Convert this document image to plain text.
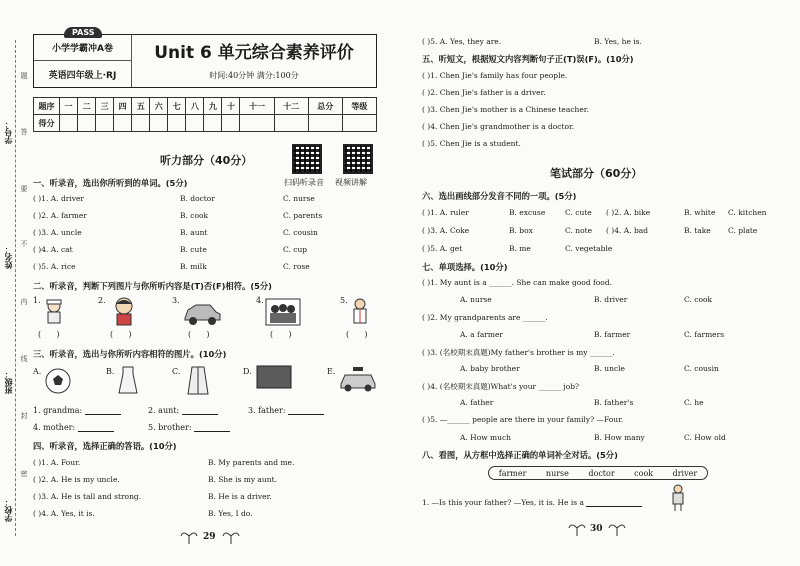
学号：
姓名：
班级：
学校：
题
答
要
不
内
线
封
密
PASS
小学学霸冲A卷
英语四年级上·RJ
Unit 6 单元综合素养评价
时间:40分钟 满分:100分
题序	一	二	三	四	五	六	七	八	九	十	十一	十二	总分	等级
得分														
听力部分（40分）
扫码听录音 视频讲解
一、听录音，选出你所听到的单词。(5分)
( )1. A. driver	B. doctor	C. nurse
( )2. A. farmer	B. cook	C. parents
( )3. A. uncle	B. aunt	C. cousin
( )4. A. cat	B. cute	C. cup
( )5. A. rice	B. milk	C. rose
二、听录音，判断下列图片与你所听内容是(T)否(F)相符。(5分)
1.	2.	3.	4.	5.
(      )	(      )	(      )	(      )	(      )
三、听录音，选出与你所听内容相符的图片。(10分)
A.	B.	C.	D.	E.
1. grandma:	2. aunt:	3. father:
4. mother:	5. brother:
四、听录音，选择正确的答语。(10分)
( )1. A. Four.	B. My parents and me.
( )2. A. He is my uncle.	B. She is my aunt.
( )3. A. He is tall and strong.	B. He is a driver.
( )4. A. Yes, it is.	B. Yes, I do.
29
( )5. A. Yes, they are.	B. Yes, he is.
五、听短文，根据短文内容判断句子正(T)误(F)。(10分)
( )1. Chen Jie's family has four people.
( )2. Chen Jie's father is a driver.
( )3. Chen Jie's mother is a Chinese teacher.
( )4. Chen Jie's grandmother is a doctor.
( )5. Chen Jie is a student.
笔试部分（60分）
六、选出画线部分发音不同的一项。(5分)
( )1. A. ruler	B. excuse	C. cute ( )2. A. bike	B. white C. kitchen
( )3. A. Coke	B. box	C. note ( )4. A. bad	B. take C. plate
( )5. A. get	B. me	C. vegetable
七、单项选择。(10分)
( )1. My aunt is a ______. She can make good food.
A. nurse	B. driver	C. cook
( )2. My grandparents are ______.
A. a farmer	B. farmer	C. farmers
( )3. (名校期末真题)My father's brother is my ______.
A. baby brother	B. uncle	C. cousin
( )4. (名校期末真题)What's your ______ job?
A. father	B. father's	C. he
( )5. —______ people are there in your family? —Four.
A. How much	B. How many	C. How old
八、看图，从方框中选择正确的单词补全对话。(5分)
farmer nurse doctor cook driver
1. —Is this your father? —Yes, it is. He is a
30
